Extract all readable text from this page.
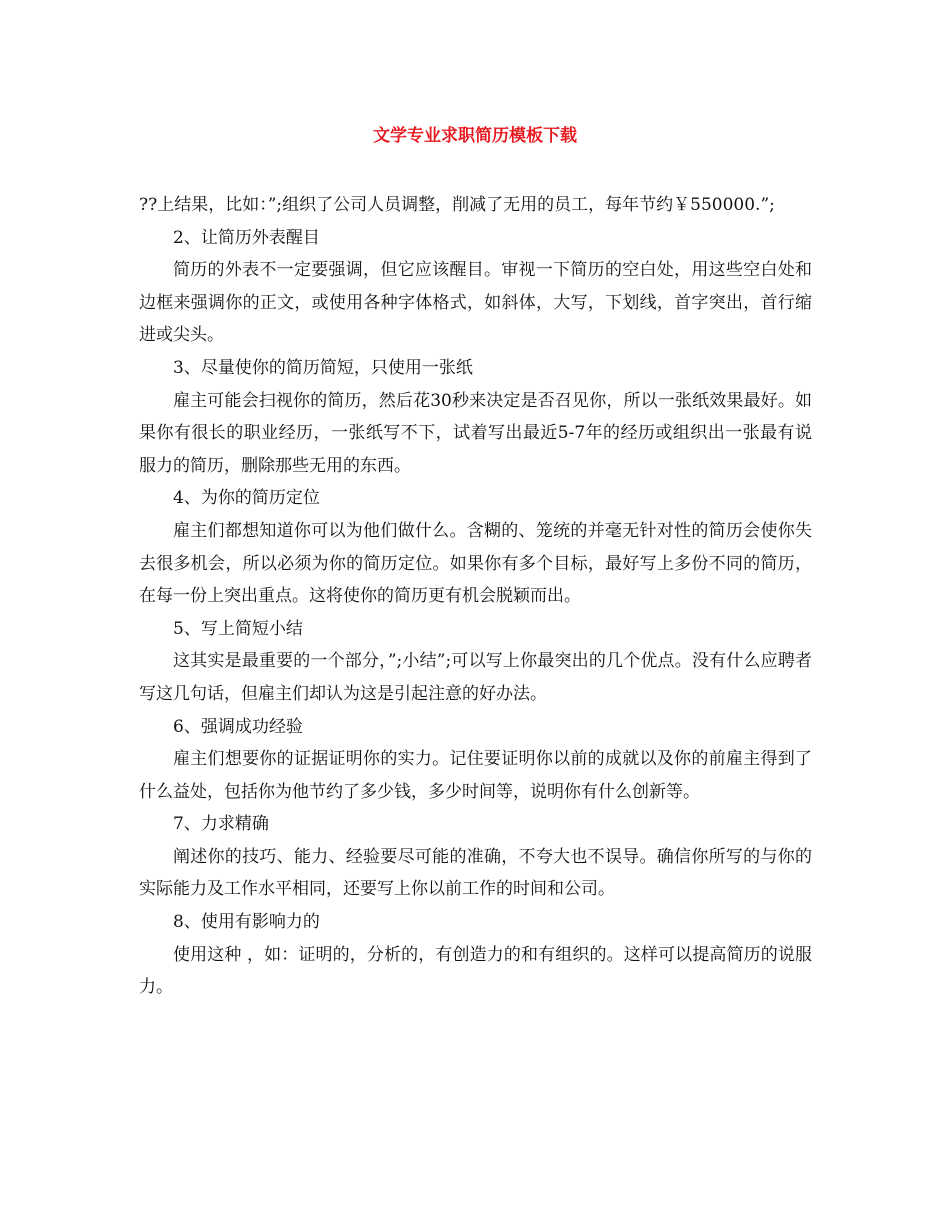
文学专业求职简历模板下载

??上结果，比如：”;组织了公司人员调整，削减了无用的员工，每年节约￥550000.”;

2、让简历外表醒目

简历的外表不一定要强调，但它应该醒目。审视一下简历的空白处，用这些空白处和边框来强调你的正文，或使用各种字体格式，如斜体，大写，下划线，首字突出，首行缩进或尖头。

3、尽量使你的简历简短，只使用一张纸

雇主可能会扫视你的简历，然后花30秒来决定是否召见你，所以一张纸效果最好。如果你有很长的职业经历，一张纸写不下，试着写出最近5-7年的经历或组织出一张最有说服力的简历，删除那些无用的东西。

4、为你的简历定位

雇主们都想知道你可以为他们做什么。含糊的、笼统的并毫无针对性的简历会使你失去很多机会，所以必须为你的简历定位。如果你有多个目标，最好写上多份不同的简历，在每一份上突出重点。这将使你的简历更有机会脱颖而出。

5、写上简短小结

这其实是最重要的一个部分，”;小结”;可以写上你最突出的几个优点。没有什么应聘者写这几句话，但雇主们却认为这是引起注意的好办法。

6、强调成功经验

雇主们想要你的证据证明你的实力。记住要证明你以前的成就以及你的前雇主得到了什么益处，包括你为他节约了多少钱，多少时间等，说明你有什么创新等。

7、力求精确

阐述你的技巧、能力、经验要尽可能的准确，不夸大也不误导。确信你所写的与你的实际能力及工作水平相同，还要写上你以前工作的时间和公司。

8、使用有影响力的

使用这种 ，如：证明的，分析的，有创造力的和有组织的。这样可以提高简历的说服力。
